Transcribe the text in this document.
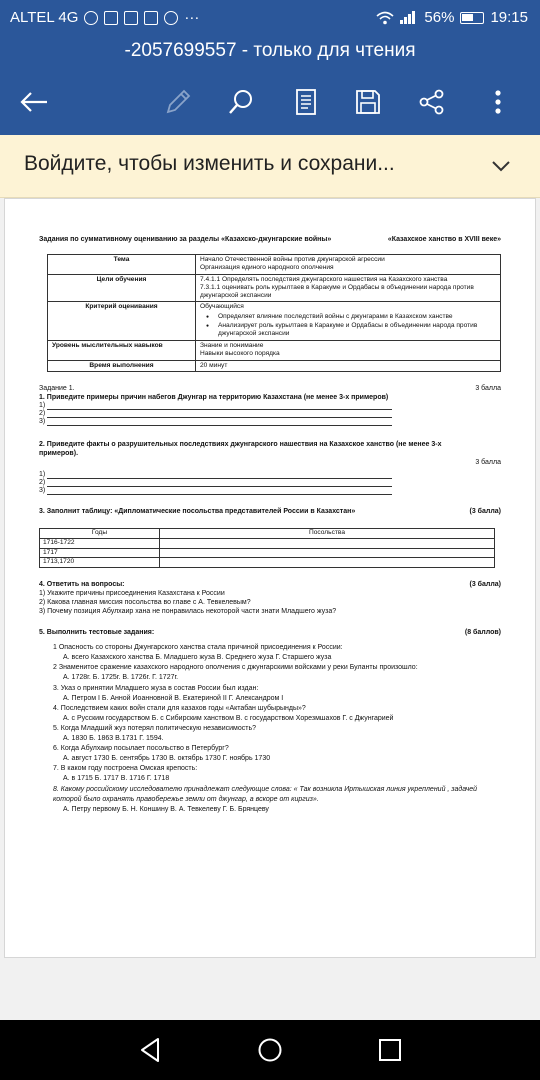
ALTEL 4G	···	56% 19:15
-2057699557 - только для чтения
Войдите, чтобы изменить и сохрани...
Задания по суммативному оцениванию за разделы «Казахско-джунгарские войны»	«Казахское ханство в XVIII веке»
Тема	Начало Отечественной войны против джунгарской агрессии
Организация единого народного ополчения

Цели обучения	7.4.1.1 Определять последствия джунгарского нашествия на Казахского ханства
7.3.1.1 оценивать роль курылтаев в Каракуме и Ордабасы в объединении народа против джунгарской экспансии

Критерий оценивания	Обучающийся
● Определяет влияние последствий войны с джунгарами в Казахском ханстве
● Анализирует роль курылтаев в Каракуме и Ордабасы в объединении народа против джунгарской экспансии

Уровень мыслительных навыков	Знание и понимание
Навыки высокого порядка

Время выполнения	20 минут
Задание 1.	3 балла
1. Приведите примеры причин набегов Джунгар на территорию Казахстана (не менее 3-х примеров)
1)
2)
3)
2. Приведите факты о разрушительных последствиях джунгарского нашествия на Казахское ханство (не менее 3-х примеров).
3 балла
1)
2)
3)
3. Заполнит таблицу: «Дипломатические посольства представителей России в Казахстан»	(3 балла)
Годы	Посольства
1716-1722	
1717	
1713,1720	
4. Ответить на вопросы:	(3 балла)
1) Укажите причины присоединения Казахстана к России
2) Какова главная миссия посольства во главе с А. Тевкелевым?
3) Почему позиция Абулхаир хана не понравилась некоторой части знати Младшего жуза?
5. Выполнить тестовые задания:	(8 баллов)
1 Опасность со стороны Джунгарского ханства стала причиной присоединения к России:
А. всего Казахского ханства Б. Младшего жуза В. Среднего жуза Г. Старшего жуза
2 Знаменитое сражение казахского народного ополчения с джунгарскими войсками у реки Буланты произошло:
А. 1728г. Б. 1725г. В. 1726г. Г. 1727г.
3. Указ о принятии Младшего жуза в состав России был издан:
А. Петром I Б. Анной Иоанновной В. Екатериной II Г. Александром I
4. Последствием каких войн стали для казахов годы «Актабан шубырынды»?
А. с Русским государством Б. с Сибирским ханством В. с государством Хорезмшахов Г. с Джунгарией
5. Когда Младший жуз потерял политическую независимость?
А. 1830 Б. 1863 В.1731 Г. 1594.
6. Когда Абулхаир посылает посольство в Петербург?
А. август 1730 Б. сентябрь 1730 В. октябрь 1730 Г. ноябрь 1730
7. В каком году построена Омская крепость:
А. в 1715 Б. 1717 В. 1716 Г. 1718
8. Какому российскому исследователю принадлежат следующие слова: « Так возникла Иртышская линия укреплений , задачей
которой было охранять правобережье земли от джунгар, а вскоре от киргиз».
А. Петру первому Б. Н. Коншину В. А. Тевкелеву Г. Б. Брянцеву
